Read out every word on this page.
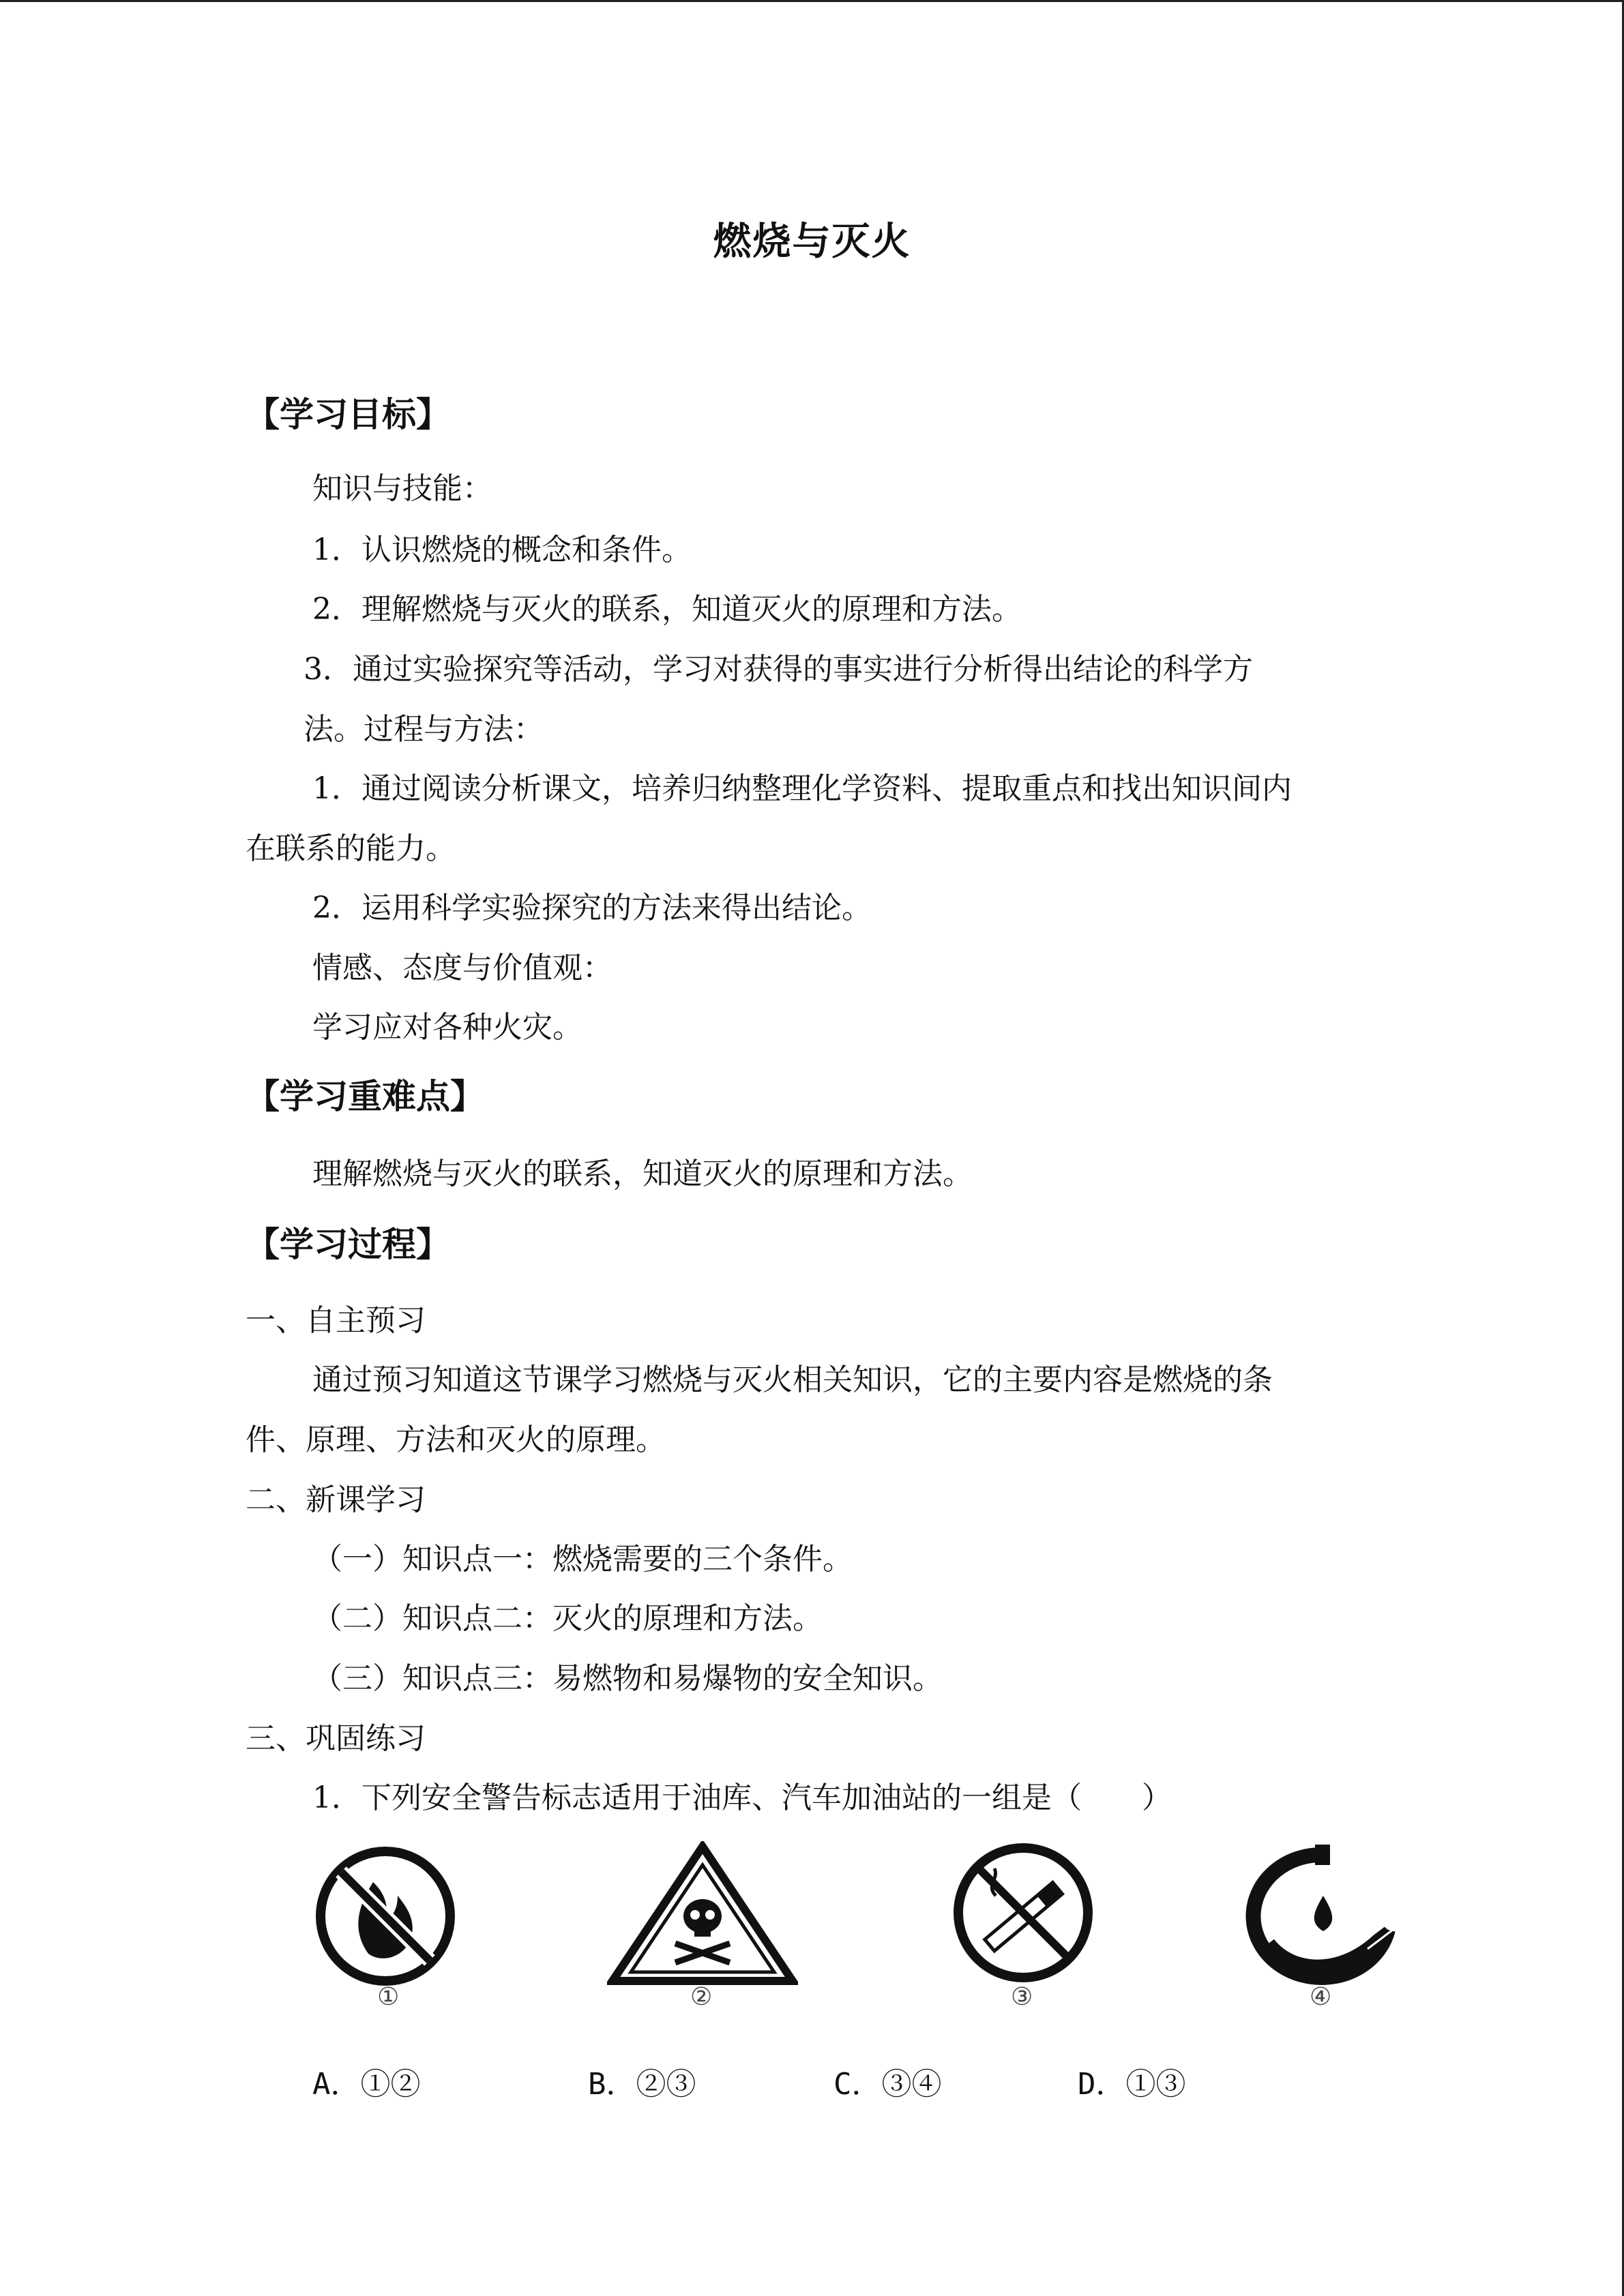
燃烧与灭火
【学习目标】
知识与技能：
1．认识燃烧的概念和条件。
2．理解燃烧与灭火的联系，知道灭火的原理和方法。
3．通过实验探究等活动，学习对获得的事实进行分析得出结论的科学方
法。过程与方法：
1．通过阅读分析课文，培养归纳整理化学资料、提取重点和找出知识间内
在联系的能力。
2．运用科学实验探究的方法来得出结论。
情感、态度与价值观：
学习应对各种火灾。
【学习重难点】
理解燃烧与灭火的联系，知道灭火的原理和方法。
【学习过程】
一、自主预习
通过预习知道这节课学习燃烧与灭火相关知识，它的主要内容是燃烧的条
件、原理、方法和灭火的原理。
二、新课学习
（一）知识点一：燃烧需要的三个条件。
（二）知识点二：灭火的原理和方法。
（三）知识点三：易燃物和易爆物的安全知识。
三、巩固练习
1．下列安全警告标志适用于油库、汽车加油站的一组是（　　）
①	②	③	④
A．①②	B．②③	C．③④	D．①③
